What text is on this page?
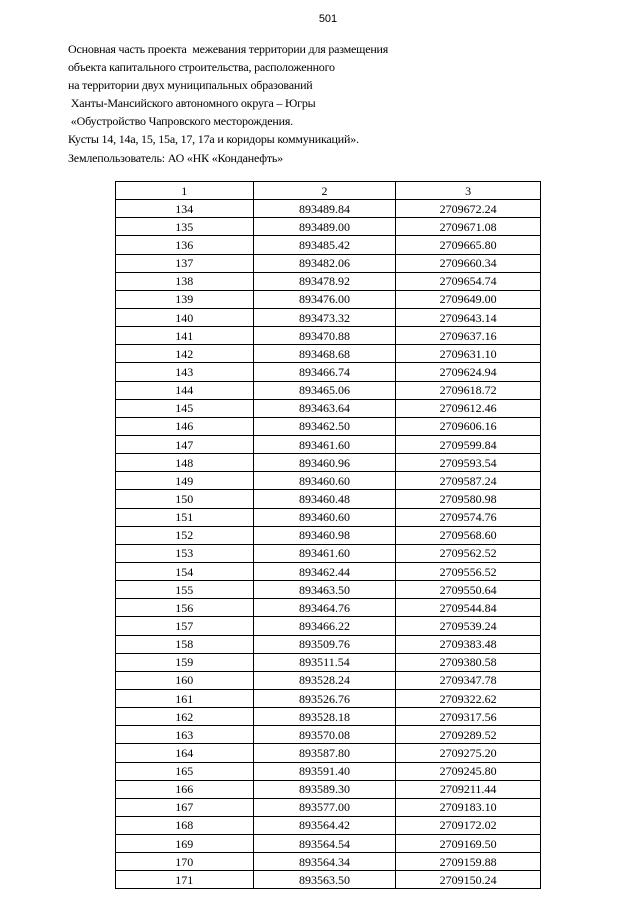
501
Основная часть проекта  межевания территории для размещения
объекта капитального строительства, расположенного
на территории двух муниципальных образований
Ханты-Мансийского автономного округа – Югры
«Обустройство Чапровского месторождения.
Кусты 14, 14а, 15, 15а, 17, 17а и коридоры коммуникаций».
Землепользователь: АО «НК «Конданефть»
1	2	3
134	893489.84	2709672.24
135	893489.00	2709671.08
136	893485.42	2709665.80
137	893482.06	2709660.34
138	893478.92	2709654.74
139	893476.00	2709649.00
140	893473.32	2709643.14
141	893470.88	2709637.16
142	893468.68	2709631.10
143	893466.74	2709624.94
144	893465.06	2709618.72
145	893463.64	2709612.46
146	893462.50	2709606.16
147	893461.60	2709599.84
148	893460.96	2709593.54
149	893460.60	2709587.24
150	893460.48	2709580.98
151	893460.60	2709574.76
152	893460.98	2709568.60
153	893461.60	2709562.52
154	893462.44	2709556.52
155	893463.50	2709550.64
156	893464.76	2709544.84
157	893466.22	2709539.24
158	893509.76	2709383.48
159	893511.54	2709380.58
160	893528.24	2709347.78
161	893526.76	2709322.62
162	893528.18	2709317.56
163	893570.08	2709289.52
164	893587.80	2709275.20
165	893591.40	2709245.80
166	893589.30	2709211.44
167	893577.00	2709183.10
168	893564.42	2709172.02
169	893564.54	2709169.50
170	893564.34	2709159.88
171	893563.50	2709150.24
